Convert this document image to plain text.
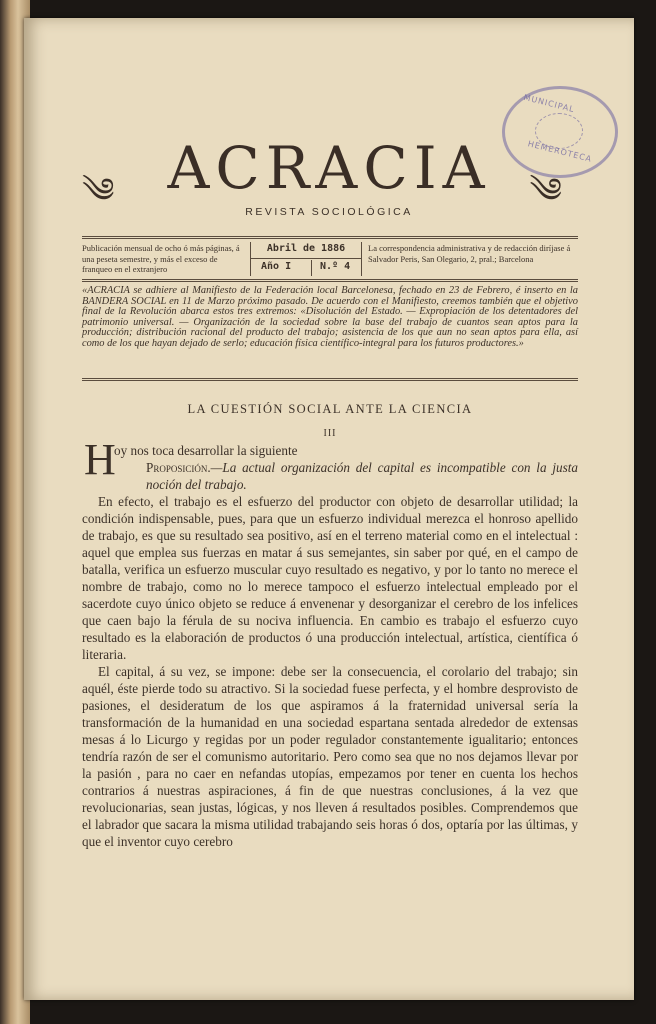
MUNICIPAL
HEMEROTECA
༄ ACRACIA	༄
REVISTA SOCIOLÓGICA
Publicación mensual de ocho ó más páginas, á una peseta semestre, y más el exceso de franqueo en el extranjero
Abril de 1886
Año I	N.º 4
La correspondencia administrativa y de redacción diríjase á Salvador Peris, San Olegario, 2, pral.; Barcelona
«ACRACIA se adhiere al Manifiesto de la Federación local Barcelonesa, fechado en 23 de Febrero, é inserto en la BANDERA SOCIAL en 11 de Marzo próximo pasado. De acuerdo con el Manifiesto, creemos también que el objetivo final de la Revolución abarca estos tres extremos: «Disolución del Estado. — Expropiación de los detentadores del patrimonio universal. — Organización de la sociedad sobre la base del trabajo de cuantos sean aptos para la producción; distribución racional del producto del trabajo; asistencia de los que aun no sean aptos para ella, así como de los que hayan dejado de serlo; educación física científico-integral para los futuros productores.»
LA CUESTIÓN SOCIAL ANTE LA CIENCIA
III
H

oy nos toca desarrollar la siguiente
Proposición.—La actual organización del capital es incompatible con la justa noción del trabajo.

En efecto, el trabajo es el esfuerzo del productor con objeto de desarrollar utilidad; la condición indispensable, pues, para que un esfuerzo individual merezca el honroso apellido de trabajo, es que su resultado sea positivo, así en el terreno material como en el intelectual : aquel que emplea sus fuerzas en matar á sus semejantes, sin saber por qué, en el campo de batalla, verifica un esfuerzo muscular cuyo resultado es negativo, y por lo tanto no merece el nombre de trabajo, como no lo merece tampoco el esfuerzo intelectual empleado por el sacerdote cuyo único objeto se reduce á envenenar y desorganizar el cerebro de los infelices que caen bajo la férula de su nociva influencia. En cambio es trabajo el esfuerzo cuyo resultado es la elaboración de productos ó una producción intelectual, artística, científica ó literaria.

El capital, á su vez, se impone: debe ser la consecuencia, el corolario del trabajo; sin aquél, éste pierde todo su atractivo. Si la sociedad fuese perfecta, y el hombre desprovisto de pasiones, el desideratum de los que aspiramos á la fraternidad universal sería la transformación de la humanidad en una sociedad espartana sentada alrededor de extensas mesas á lo Licurgo y regidas por un poder regulador constantemente igualitario; entonces tendría razón de ser el comunismo autoritario. Pero como sea que no nos dejamos llevar por la pasión , para no caer en nefandas utopías, empezamos por tener en cuenta los hechos contrarios á nuestras aspiraciones, á fin de que nuestras conclusiones, á la vez que revolucionarias, sean justas, lógicas, y nos lleven á resultados posibles. Comprendemos que el labrador que sacara la misma utilidad trabajando seis horas ó dos, optaría por las últimas, y que el inventor cuyo cerebro
